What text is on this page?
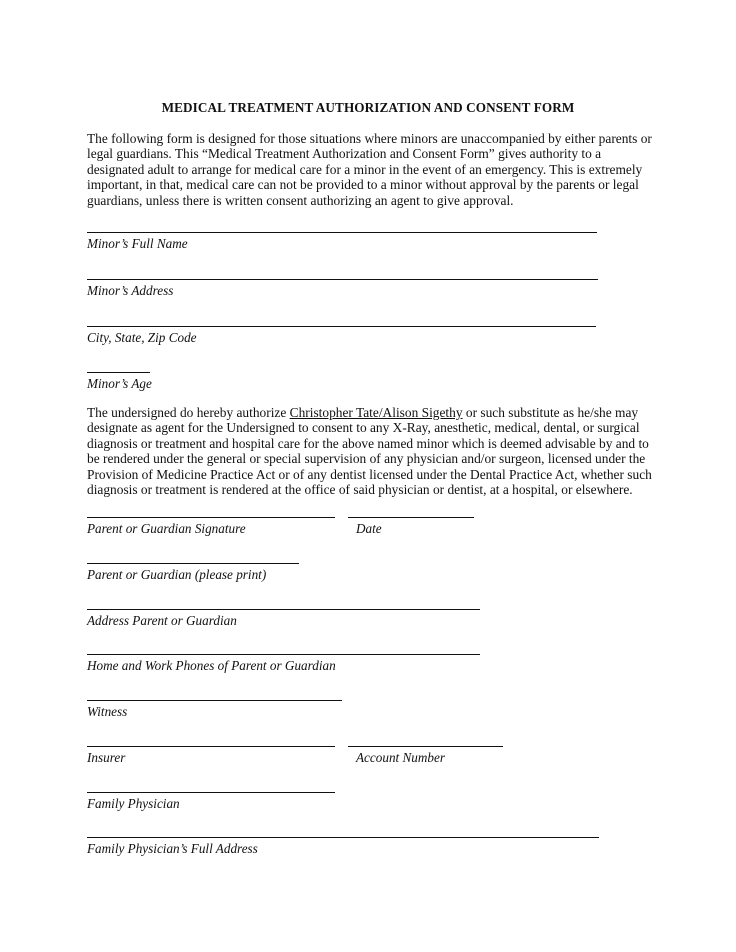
MEDICAL TREATMENT AUTHORIZATION AND CONSENT FORM

The following form is designed for those situations where minors are unaccompanied by either parents or legal guardians. This “Medical Treatment Authorization and Consent Form” gives authority to a designated adult to arrange for medical care for a minor in the event of an emergency. This is extremely important, in that, medical care can not be provided to a minor without approval by the parents or legal guardians, unless there is written consent authorizing an agent to give approval.

Minor’s Full Name
Minor’s Address
City, State, Zip Code
Minor’s Age

The undersigned do hereby authorize Christopher Tate/Alison Sigethy or such substitute as he/she may designate as agent for the Undersigned to consent to any X-Ray, anesthetic, medical, dental, or surgical diagnosis or treatment and hospital care for the above named minor which is deemed advisable by and to be rendered under the general or special supervision of any physician and/or surgeon, licensed under the Provision of Medicine Practice Act or of any dentist licensed under the Dental Practice Act, whether such diagnosis or treatment is rendered at the office of said physician or dentist, at a hospital, or elsewhere.

Parent or Guardian Signature	Date
Parent or Guardian (please print)
Address Parent or Guardian
Home and Work Phones of Parent or Guardian
Witness
Insurer	Account Number
Family Physician
Family Physician’s Full Address
